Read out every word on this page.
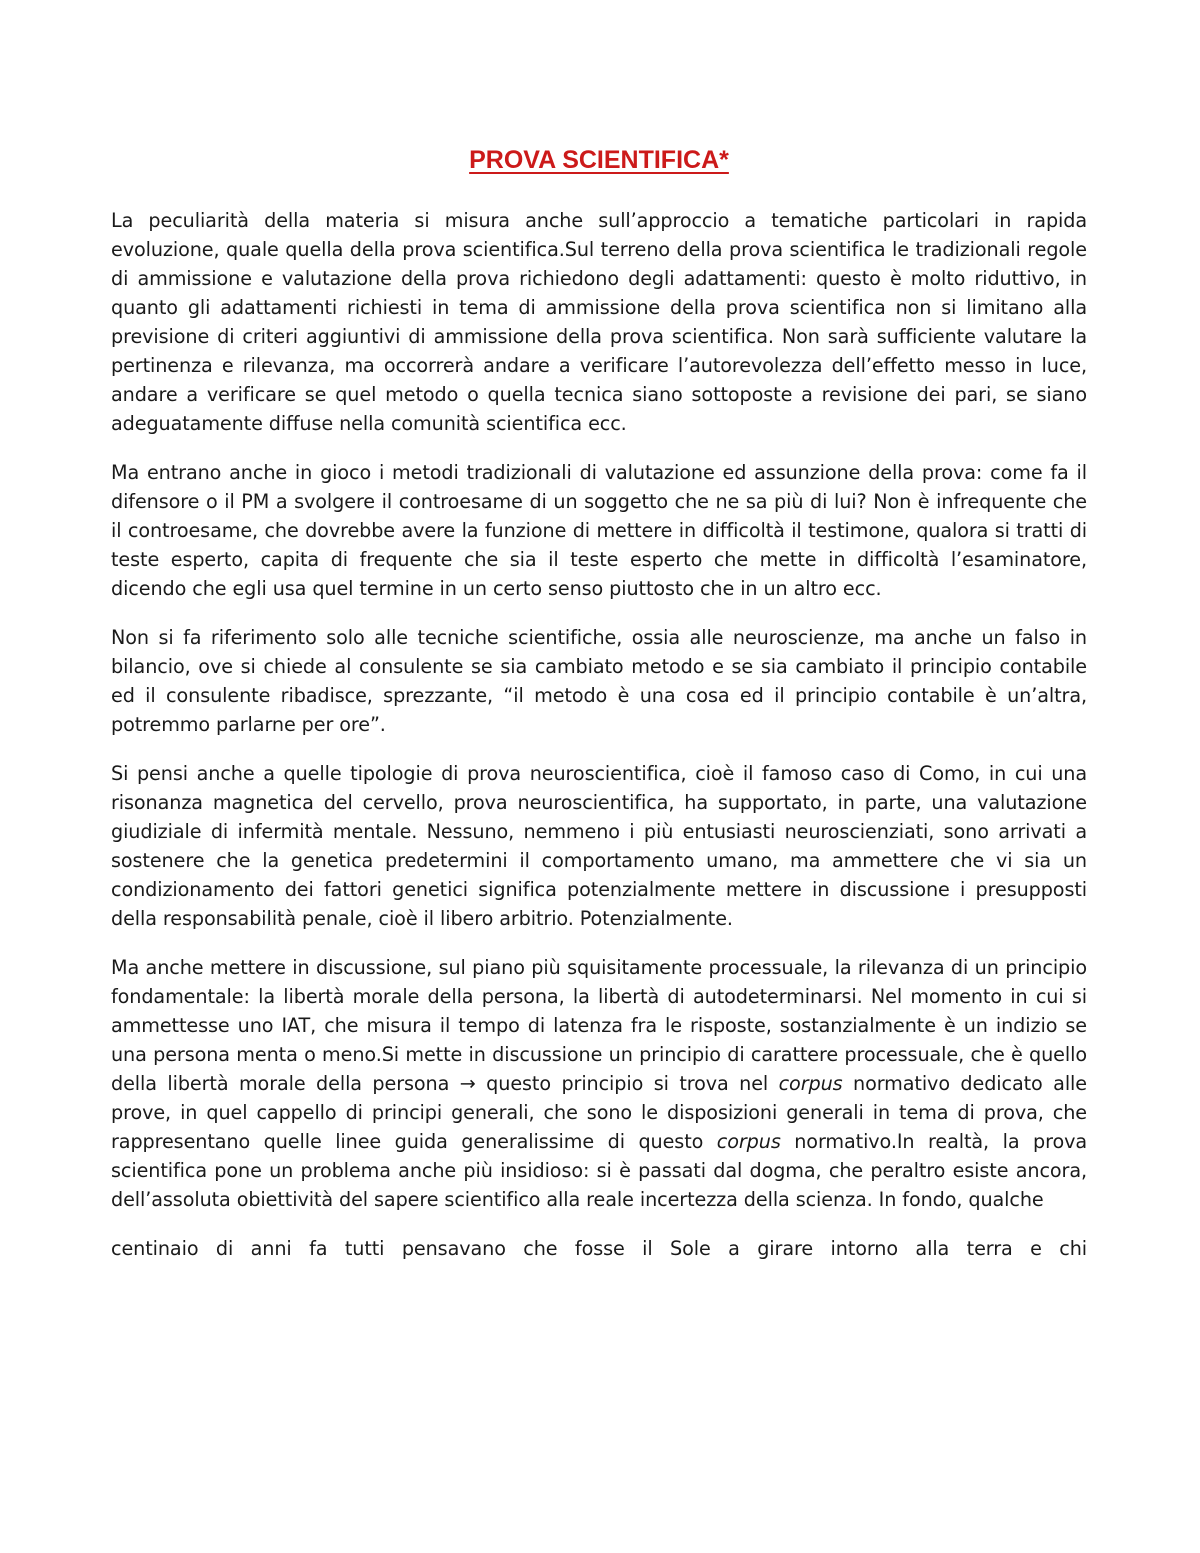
PROVA SCIENTIFICA*

La peculiarità della materia si misura anche sull’approccio a tematiche particolari in rapida evoluzione, quale quella della prova scientifica.Sul terreno della prova scientifica le tradizionali regole di ammissione e valutazione della prova richiedono degli adattamenti: questo è molto riduttivo, in quanto gli adattamenti richiesti in tema di ammissione della prova scientifica non si limitano alla previsione di criteri aggiuntivi di ammissione della prova scientifica. Non sarà sufficiente valutare la pertinenza e rilevanza, ma occorrerà andare a verificare l’autorevolezza dell’effetto messo in luce, andare a verificare se quel metodo o quella tecnica siano sottoposte a revisione dei pari, se siano adeguatamente diffuse nella comunità scientifica ecc.

Ma entrano anche in gioco i metodi tradizionali di valutazione ed assunzione della prova: come fa il difensore o il PM a svolgere il controesame di un soggetto che ne sa più di lui? Non è infrequente che il controesame, che dovrebbe avere la funzione di mettere in difficoltà il testimone, qualora si tratti di teste esperto, capita di frequente che sia il teste esperto che mette in difficoltà l’esaminatore, dicendo che egli usa quel termine in un certo senso piuttosto che in un altro ecc.

Non si fa riferimento solo alle tecniche scientifiche, ossia alle neuroscienze, ma anche un falso in bilancio, ove si chiede al consulente se sia cambiato metodo e se sia cambiato il principio contabile ed il consulente ribadisce, sprezzante, “il metodo è una cosa ed il principio contabile è un’altra, potremmo parlarne per ore”.

Si pensi anche a quelle tipologie di prova neuroscientifica, cioè il famoso caso di Como, in cui una risonanza magnetica del cervello, prova neuroscientifica, ha supportato, in parte, una valutazione giudiziale di infermità mentale. Nessuno, nemmeno i più entusiasti neuroscienziati, sono arrivati a sostenere che la genetica predetermini il comportamento umano, ma ammettere che vi sia un condizionamento dei fattori genetici significa potenzialmente mettere in discussione i presupposti della responsabilità penale, cioè il libero arbitrio. Potenzialmente.

Ma anche mettere in discussione, sul piano più squisitamente processuale, la rilevanza di un principio fondamentale: la libertà morale della persona, la libertà di autodeterminarsi. Nel momento in cui si ammettesse uno IAT, che misura il tempo di latenza fra le risposte, sostanzialmente è un indizio se una persona menta o meno.Si mette in discussione un principio di carattere processuale, che è quello della libertà morale della persona → questo principio si trova nel corpus normativo dedicato alle prove, in quel cappello di principi generali, che sono le disposizioni generali in tema di prova, che rappresentano quelle linee guida generalissime di questo corpus normativo.In realtà, la prova scientifica pone un problema anche più insidioso: si è passati dal dogma, che peraltro esiste ancora, dell’assoluta obiettività del sapere scientifico alla reale incertezza della scienza. In fondo, qualche

centinaio di anni fa tutti pensavano che fosse il Sole a girare intorno alla terra e chi
